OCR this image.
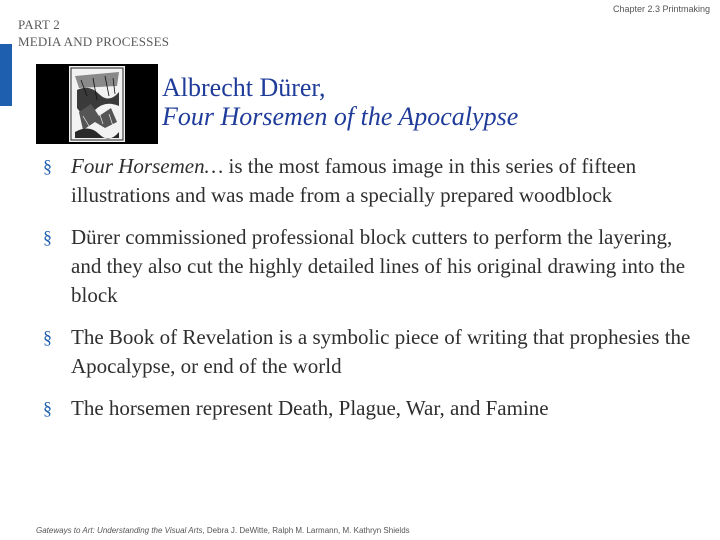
PART 2
MEDIA AND PROCESSES
Chapter 2.3 Printmaking
Albrecht Dürer,
Four Horsemen of the Apocalypse
§ Four Horsemen… is the most famous image in this series of fifteen illustrations and was made from a specially prepared woodblock
§ Dürer commissioned professional block cutters to perform the layering, and they also cut the highly detailed lines of his original drawing into the block
§ The Book of Revelation is a symbolic piece of writing that prophesies the Apocalypse, or end of the world
§ The horsemen represent Death, Plague, War, and Famine
Gateways to Art: Understanding the Visual Arts, Debra J. DeWitte, Ralph M. Larmann, M. Kathryn Shields
